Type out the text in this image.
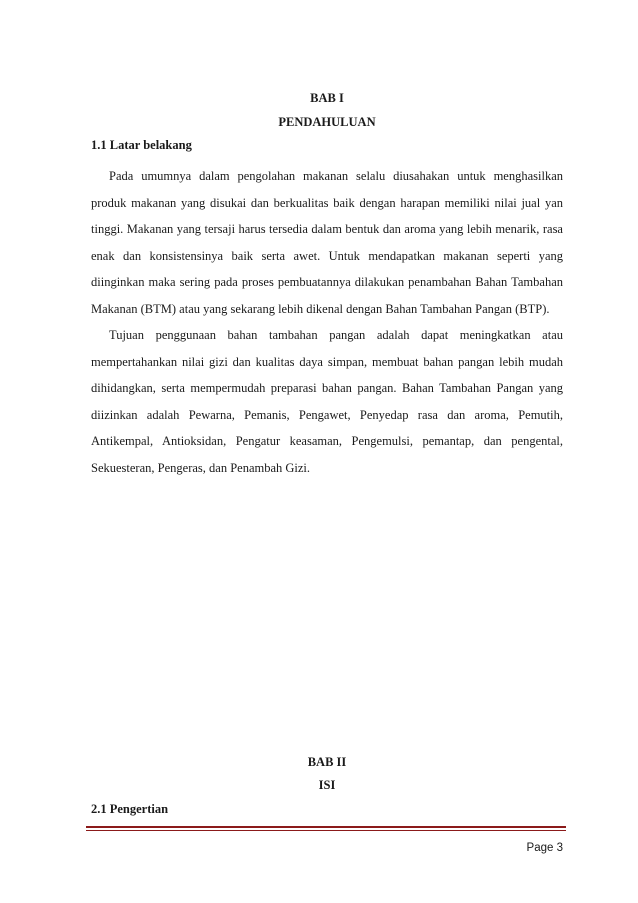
BAB I
PENDAHULUAN
1.1 Latar belakang

Pada umumnya dalam pengolahan makanan selalu diusahakan untuk menghasilkan produk makanan yang disukai dan berkualitas baik dengan harapan memiliki nilai jual yan tinggi. Makanan yang tersaji harus tersedia dalam bentuk dan aroma yang lebih menarik, rasa enak dan konsistensinya baik serta awet. Untuk mendapatkan makanan seperti yang diinginkan maka sering pada proses pembuatannya dilakukan penambahan Bahan Tambahan Makanan (BTM) atau yang sekarang lebih dikenal dengan Bahan Tambahan Pangan (BTP).

Tujuan penggunaan bahan tambahan pangan adalah dapat meningkatkan atau mempertahankan nilai gizi dan kualitas daya simpan, membuat bahan pangan lebih mudah dihidangkan, serta mempermudah preparasi bahan pangan. Bahan Tambahan Pangan yang diizinkan adalah Pewarna, Pemanis, Pengawet, Penyedap rasa dan aroma, Pemutih, Antikempal, Antioksidan, Pengatur keasaman, Pengemulsi, pemantap, dan pengental, Sekuesteran, Pengeras, dan Penambah Gizi.

BAB II
ISI
2.1 Pengertian
Page 3
